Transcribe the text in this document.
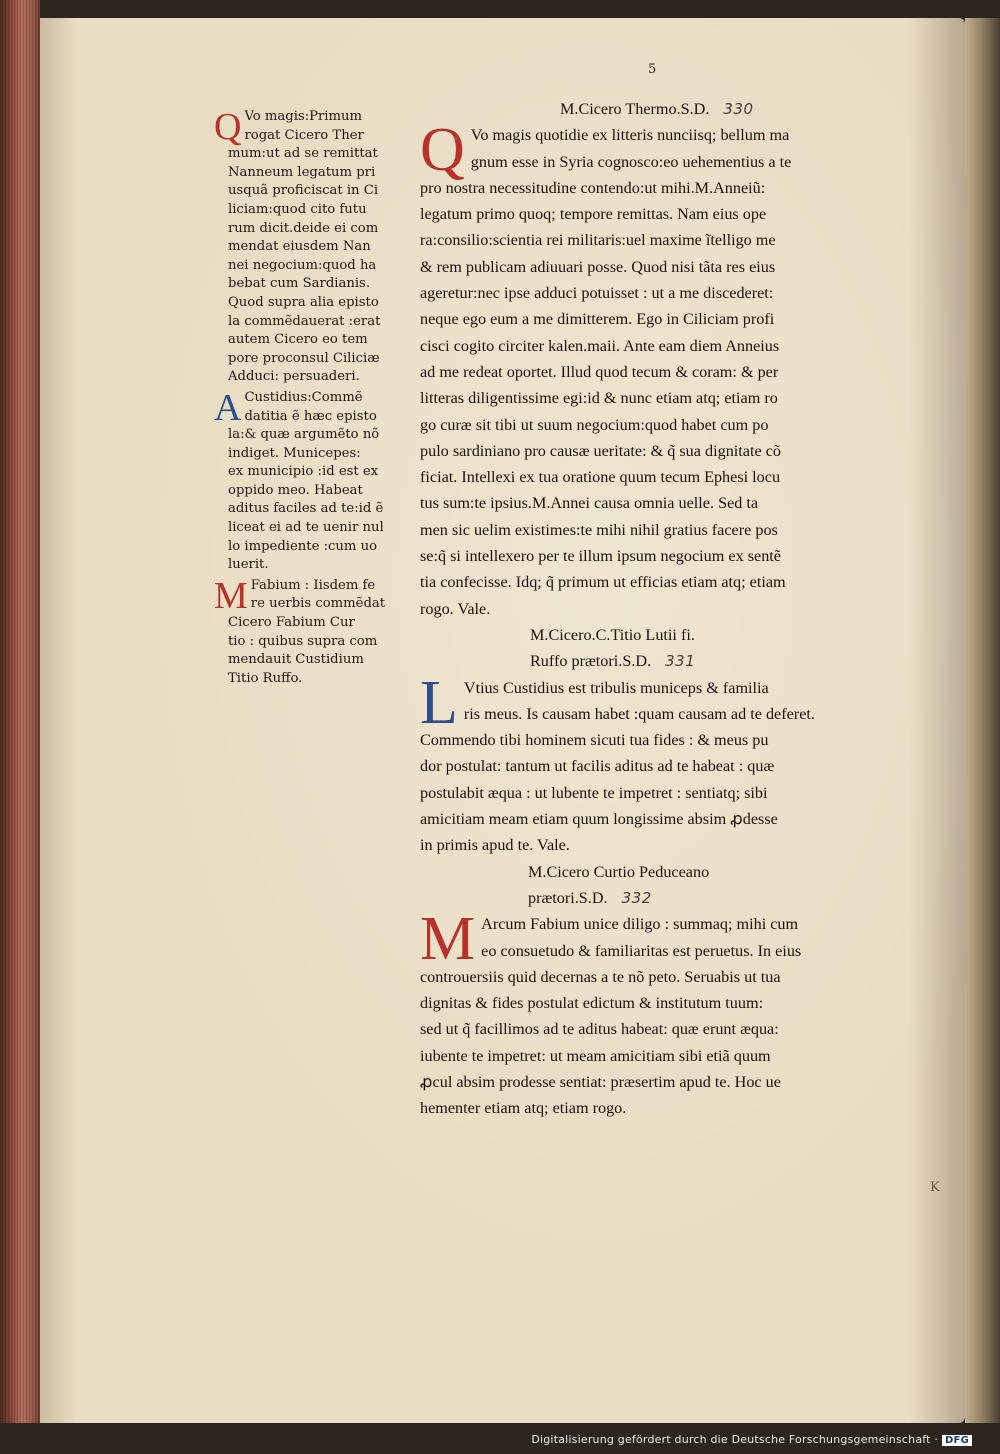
5
Q Vo magis:Primum

rogat Cicero Ther

mum:ut ad se remittat

Nanneum legatum pri

usquã proficiscat in Ci

liciam:quod cito futu

rum dicit.deide ei com

mendat eiusdem Nan

nei negocium:quod ha

bebat cum Sardianis.

Quod supra alia episto

la commẽdauerat :erat

autem Cicero eo tem

pore proconsul Ciliciæ

Adduci: persuaderi.

A Custidius:Commẽ

datitia ẽ hæc episto

la:& quæ argumẽto nõ

indiget. Municepes:

ex municipio :id est ex

oppido meo. Habeat

aditus faciles ad te:id ẽ

liceat ei ad te uenir nul

lo impediente :cum uo

luerit.

M Fabium : Iisdem fe

re uerbis commẽdat

Cicero Fabium Cur

tio : quibus supra com

mendauit Custidium

Titio Ruffo.

M.Cicero Thermo.S.D. 330

Q Vo magis quotidie ex litteris nunciisq; bellum ma

gnum esse in Syria cognosco:eo uehementius a te

pro nostra necessitudine contendo:ut mihi.M.Anneiũ:

legatum primo quoq; tempore remittas. Nam eius ope

ra:consilio:scientia rei militaris:uel maxime ĩtelligo me

& rem publicam adiuuari posse. Quod nisi tãta res eius

ageretur:nec ipse adduci potuisset : ut a me discederet:

neque ego eum a me dimitterem. Ego in Ciliciam profi

cisci cogito circiter kalen.maii. Ante eam diem Anneius

ad me redeat oportet. Illud quod tecum & coram: & per

litteras diligentissime egi:id & nunc etiam atq; etiam ro

go curæ sit tibi ut suum negocium:quod habet cum po

pulo sardiniano pro causæ ueritate: & q̃ sua dignitate cõ

ficiat. Intellexi ex tua oratione quum tecum Ephesi locu

tus sum:te ipsius.M.Annei causa omnia uelle. Sed ta

men sic uelim existimes:te mihi nihil gratius facere pos

se:q̃ si intellexero per te illum ipsum negocium ex sentẽ

tia confecisse. Idq; q̃ primum ut efficias etiam atq; etiam

rogo. Vale.

M.Cicero.C.Titio Lutii fi.

Ruffo prætori.S.D. 331

L Vtius Custidius est tribulis municeps & familia

ris meus. Is causam habet :quam causam ad te deferet.

Commendo tibi hominem sicuti tua fides : & meus pu

dor postulat: tantum ut facilis aditus ad te habeat : quæ

postulabit æqua : ut lubente te impetret : sentiatq; sibi

amicitiam meam etiam quum longissime absim ꝓdesse

in primis apud te. Vale.

M.Cicero Curtio Peduceano

prætori.S.D. 332

M Arcum Fabium unice diligo : summaq; mihi cum

eo consuetudo & familiaritas est peruetus. In eius

controuersiis quid decernas a te nõ peto. Seruabis ut tua

dignitas & fides postulat edictum & institutum tuum:

sed ut q̃ facillimos ad te aditus habeat: quæ erunt æqua:

iubente te impetret: ut meam amicitiam sibi etiã quum

ꝓcul absim prodesse sentiat: præsertim apud te. Hoc ue

hementer etiam atq; etiam rogo.

K
Digitalisierung gefördert durch die Deutsche Forschungsgemeinschaft · DFG
